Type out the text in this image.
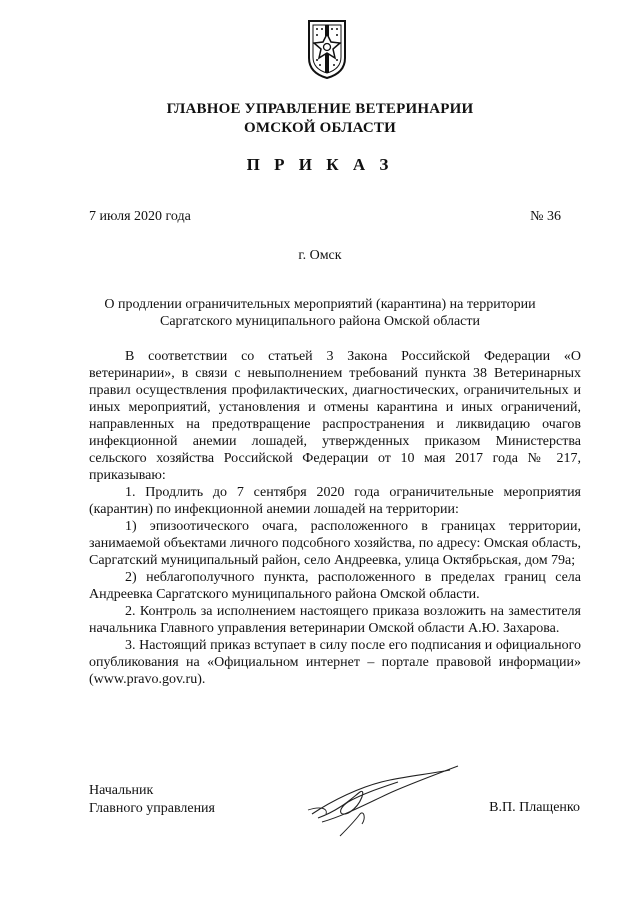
ГЛАВНОЕ УПРАВЛЕНИЕ ВЕТЕРИНАРИИ
ОМСКОЙ ОБЛАСТИ
П Р И К А З
7 июля 2020 года	№ 36
г. Омск
О продлении ограничительных мероприятий (карантина) на территории
Саргатского муниципального района Омской области

В соответствии со статьей 3 Закона Российской Федерации «О ветеринарии», в связи с невыполнением требований пункта 38 Ветеринарных правил осуществления профилактических, диагностических, ограничительных и иных мероприятий, установления и отмены карантина и иных ограничений, направленных на предотвращение распространения и ликвидацию очагов инфекционной анемии лошадей, утвержденных приказом Министерства сельского хозяйства Российской Федерации от 10 мая 2017 года № 217, приказываю:

1. Продлить до 7 сентября 2020 года ограничительные мероприятия (карантин) по инфекционной анемии лошадей на территории:

1) эпизоотического очага, расположенного в границах территории, занимаемой объектами личного подсобного хозяйства, по адресу: Омская область, Саргатский муниципальный район, село Андреевка, улица Октябрьская, дом 79а;

2) неблагополучного пункта, расположенного в пределах границ села Андреевка Саргатского муниципального района Омской области.

2. Контроль за исполнением настоящего приказа возложить на заместителя начальника Главного управления ветеринарии Омской области А.Ю. Захарова.

3. Настоящий приказ вступает в силу после его подписания и официального опубликования на «Официальном интернет – портале правовой информации» (www.pravo.gov.ru).

Начальник
Главного управления	В.П. Плащенко
